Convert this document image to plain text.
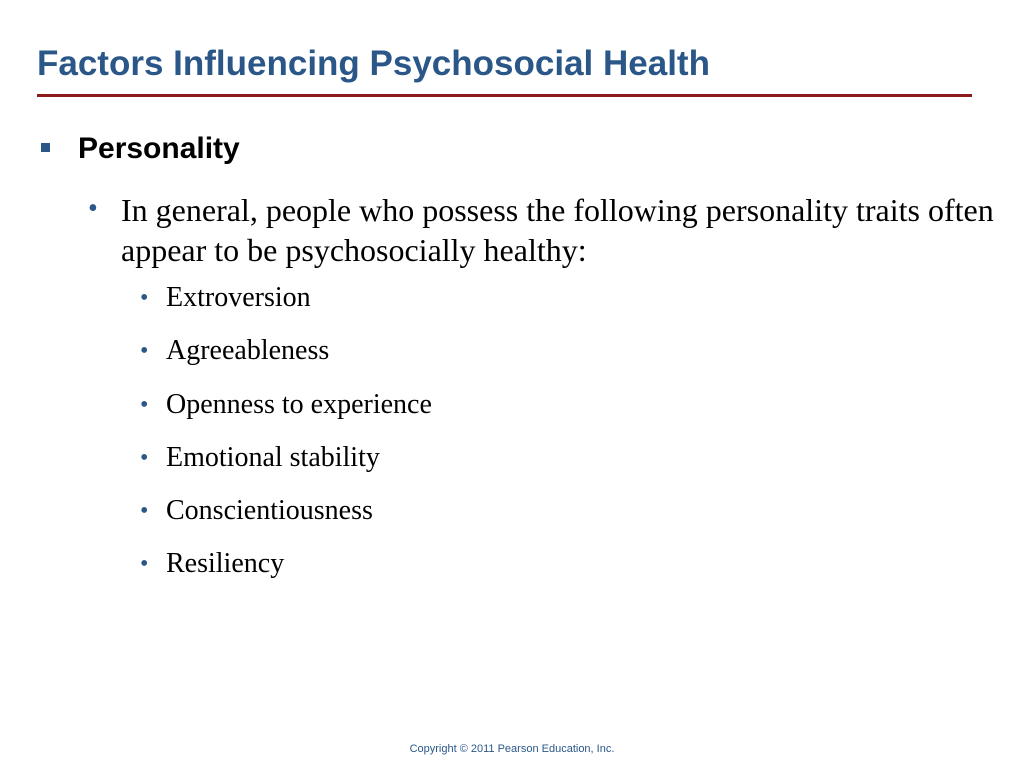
Factors Influencing Psychosocial Health
Personality
• In general, people who possess the following personality traits often appear to be psychosocially healthy:
• Extroversion
• Agreeableness
• Openness to experience
• Emotional stability
• Conscientiousness
• Resiliency
Copyright © 2011 Pearson Education, Inc.
